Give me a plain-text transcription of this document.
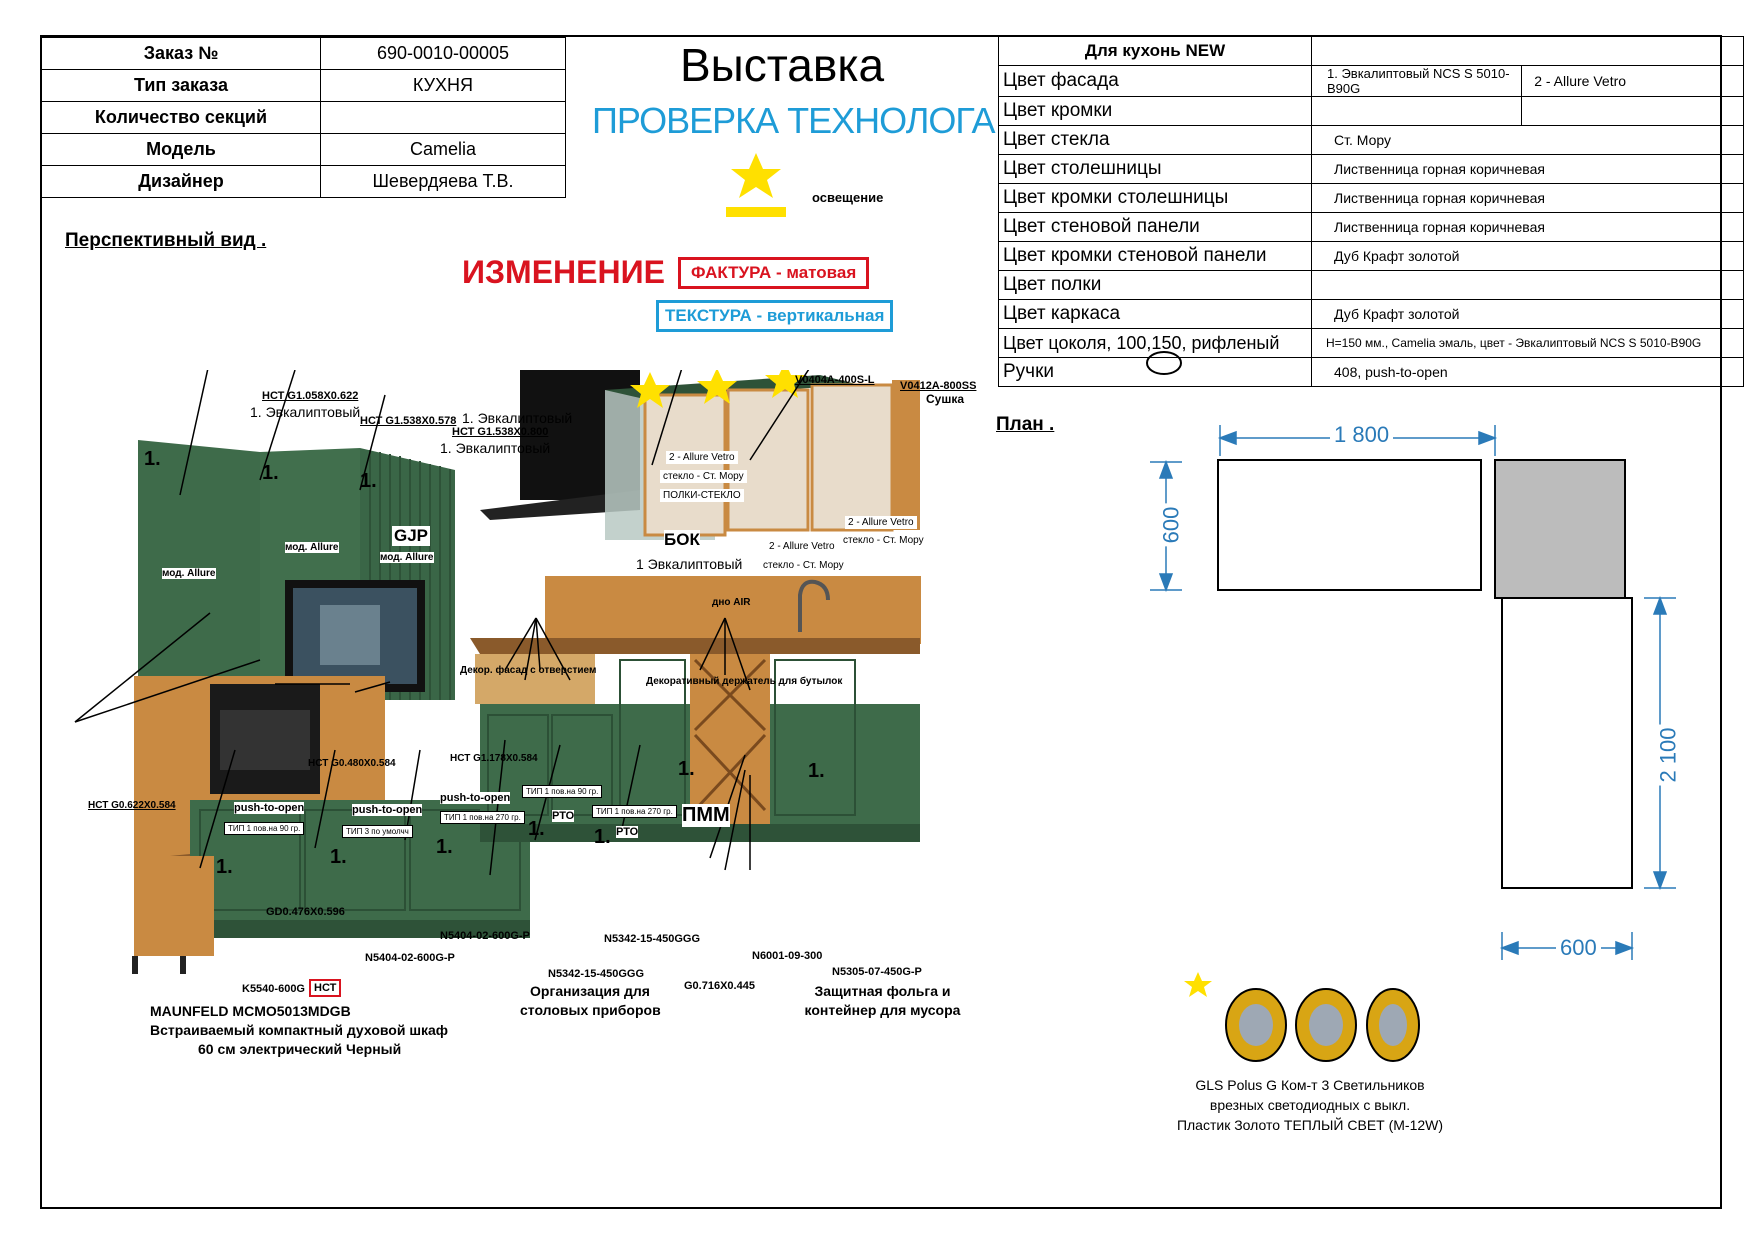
Заказ №	690-0010-00005
Тип заказа	КУХНЯ
Количество секций	
Модель	Camelia
Дизайнер	Шевердяева Т.В.
Выставка
ПРОВЕРКА ТЕХНОЛОГА
освещение
Для кухонь NEW		
Цвет фасада	1. Эвкалиптовый NCS S 5010-B90G	2 - Allure Vetro
Цвет кромки		
Цвет стекла	Ст. Мору	
Цвет столешницы	Лиственница горная коричневая	
Цвет кромки столешницы	Лиственница горная коричневая	
Цвет стеновой панели	Лиственница горная коричневая	
Цвет кромки стеновой панели	Дуб Крафт золотой	
Цвет полки		
Цвет каркаса	Дуб Крафт золотой	
Цвет цоколя, 100,150, рифленый	H=150 мм., Camelia эмаль, цвет - Эвкалиптовый NCS S 5010-B90G	
Ручки	408, push-to-open	
Перспективный вид .
ИЗМЕНЕНИЕ	ФАКТУРА - матовая
ТЕКСТУРА - вертикальная
НСТ G1.058X0.622
1. Эвкалиптовый
НСТ G1.538X0.578 1. Эвкалиптовый
НСТ G1.538X0.800
1. Эвкалиптовый
1.
1.	1.
GJP
мод. Allure
мод. Allure
мод. Allure
V0404A-400S-L V0412A-800SS
Сушка
2 - Allure Vetro
стекло - Ст. Мору
ПОЛКИ-СТЕКЛО
БОК
1 Эвкалиптовый
дно AIR
2 - Allure Vetro
стекло - Ст. Мору
2 - Allure Vetro
стекло - Ст. Мору
Декор. фасад с отверстием
Декоративный держатель для бутылок
НСТ G0.480X0.584	НСТ G1.178X0.584
НСТ G0.622X0.584	push-to-open	push-to-open
push-to-open
ТИП 1 пов.на 90 гр.	ТИП 3 по умолчч
ТИП 1 пов.на 270 гр.
ТИП 1 пов.на 90 гр.
ТИП 1 пов.на 270 гр.
РТО
РТО
ПММ
1.	1.
1. 1.
1.	1.	1.
GD0.476X0.596
N5404-02-600G-P	N5342-15-450GGG
N5404-02-600G-P	N6001-09-300
N5342-15-450GGG	N5305-07-450G-P
G0.716X0.445
K5540-600G НСТ
MAUNFELD MCMO5013MDGB
Встраиваемый компактный духовой шкаф
60 см электрический Черный
Организация для
столовых приборов
Защитная фольга и
контейнер для мусора
План .	1 800
600
2 100
600
GLS Polus G Ком-т 3 Светильников
врезных светодиодных с выкл.
Пластик Золото ТЕПЛЫЙ СВЕТ (М-12W)
